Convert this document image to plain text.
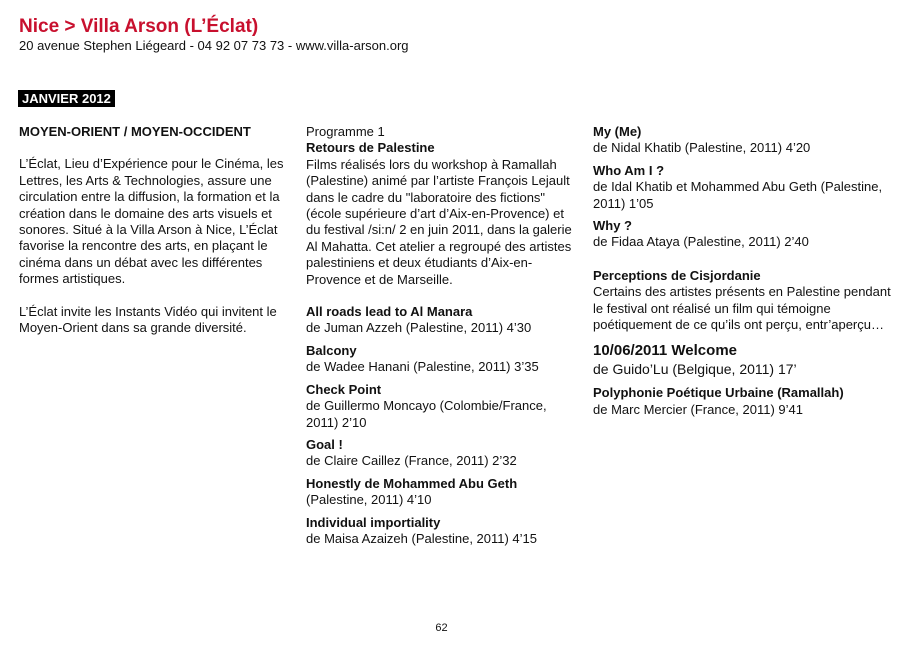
Nice > Villa Arson (L’Éclat)
20 avenue Stephen Liégeard - 04 92 07 73 73 - www.villa-arson.org
JANVIER 2012

MOYEN-ORIENT / MOYEN-OCCIDENT

L’Éclat, Lieu d’Expérience pour le Cinéma, les Lettres, les Arts & Technologies, assure une circulation entre la diffusion, la formation et la création dans le domaine des arts visuels et sonores. Situé à la Villa Arson à Nice, L’Éclat favorise la rencontre des arts, en plaçant le cinéma dans un débat avec les différentes formes artistiques.

L’Éclat invite les Instants Vidéo qui invitent le Moyen-Orient dans sa grande diversité.

Programme 1

Retours de Palestine

Films réalisés lors du workshop à Ramallah (Palestine) animé par l’artiste François Lejault dans le cadre du "laboratoire des fictions" (école supérieure d’art d’Aix-en-Provence) et du festival /si:n/ 2 en juin 2011, dans la galerie Al Mahatta. Cet atelier a regroupé des artistes palestiniens et deux étudiants d’Aix-en-Provence et de Marseille.

All roads lead to Al Manara

de Juman Azzeh (Palestine, 2011) 4’30

Balcony

de Wadee Hanani (Palestine, 2011) 3’35

Check Point

de Guillermo Moncayo (Colombie/France, 2011) 2’10

Goal !

de Claire Caillez (France, 2011) 2’32

Honestly de Mohammed Abu Geth

(Palestine, 2011) 4’10

Individual importiality

de Maisa Azaizeh (Palestine, 2011) 4’15

My (Me)

de Nidal Khatib (Palestine, 2011) 4’20

Who Am I ?

de Idal Khatib et Mohammed Abu Geth (Palestine, 2011) 1’05

Why ?

de Fidaa Ataya (Palestine, 2011) 2’40

Perceptions de Cisjordanie

Certains des artistes présents en Palestine pendant le festival ont réalisé un film qui témoigne poétiquement de ce qu’ils ont perçu, entr’aperçu…

10/06/2011 Welcome

de Guido’Lu (Belgique, 2011) 17’

Polyphonie Poétique Urbaine (Ramallah)

de Marc Mercier (France, 2011) 9’41

62
